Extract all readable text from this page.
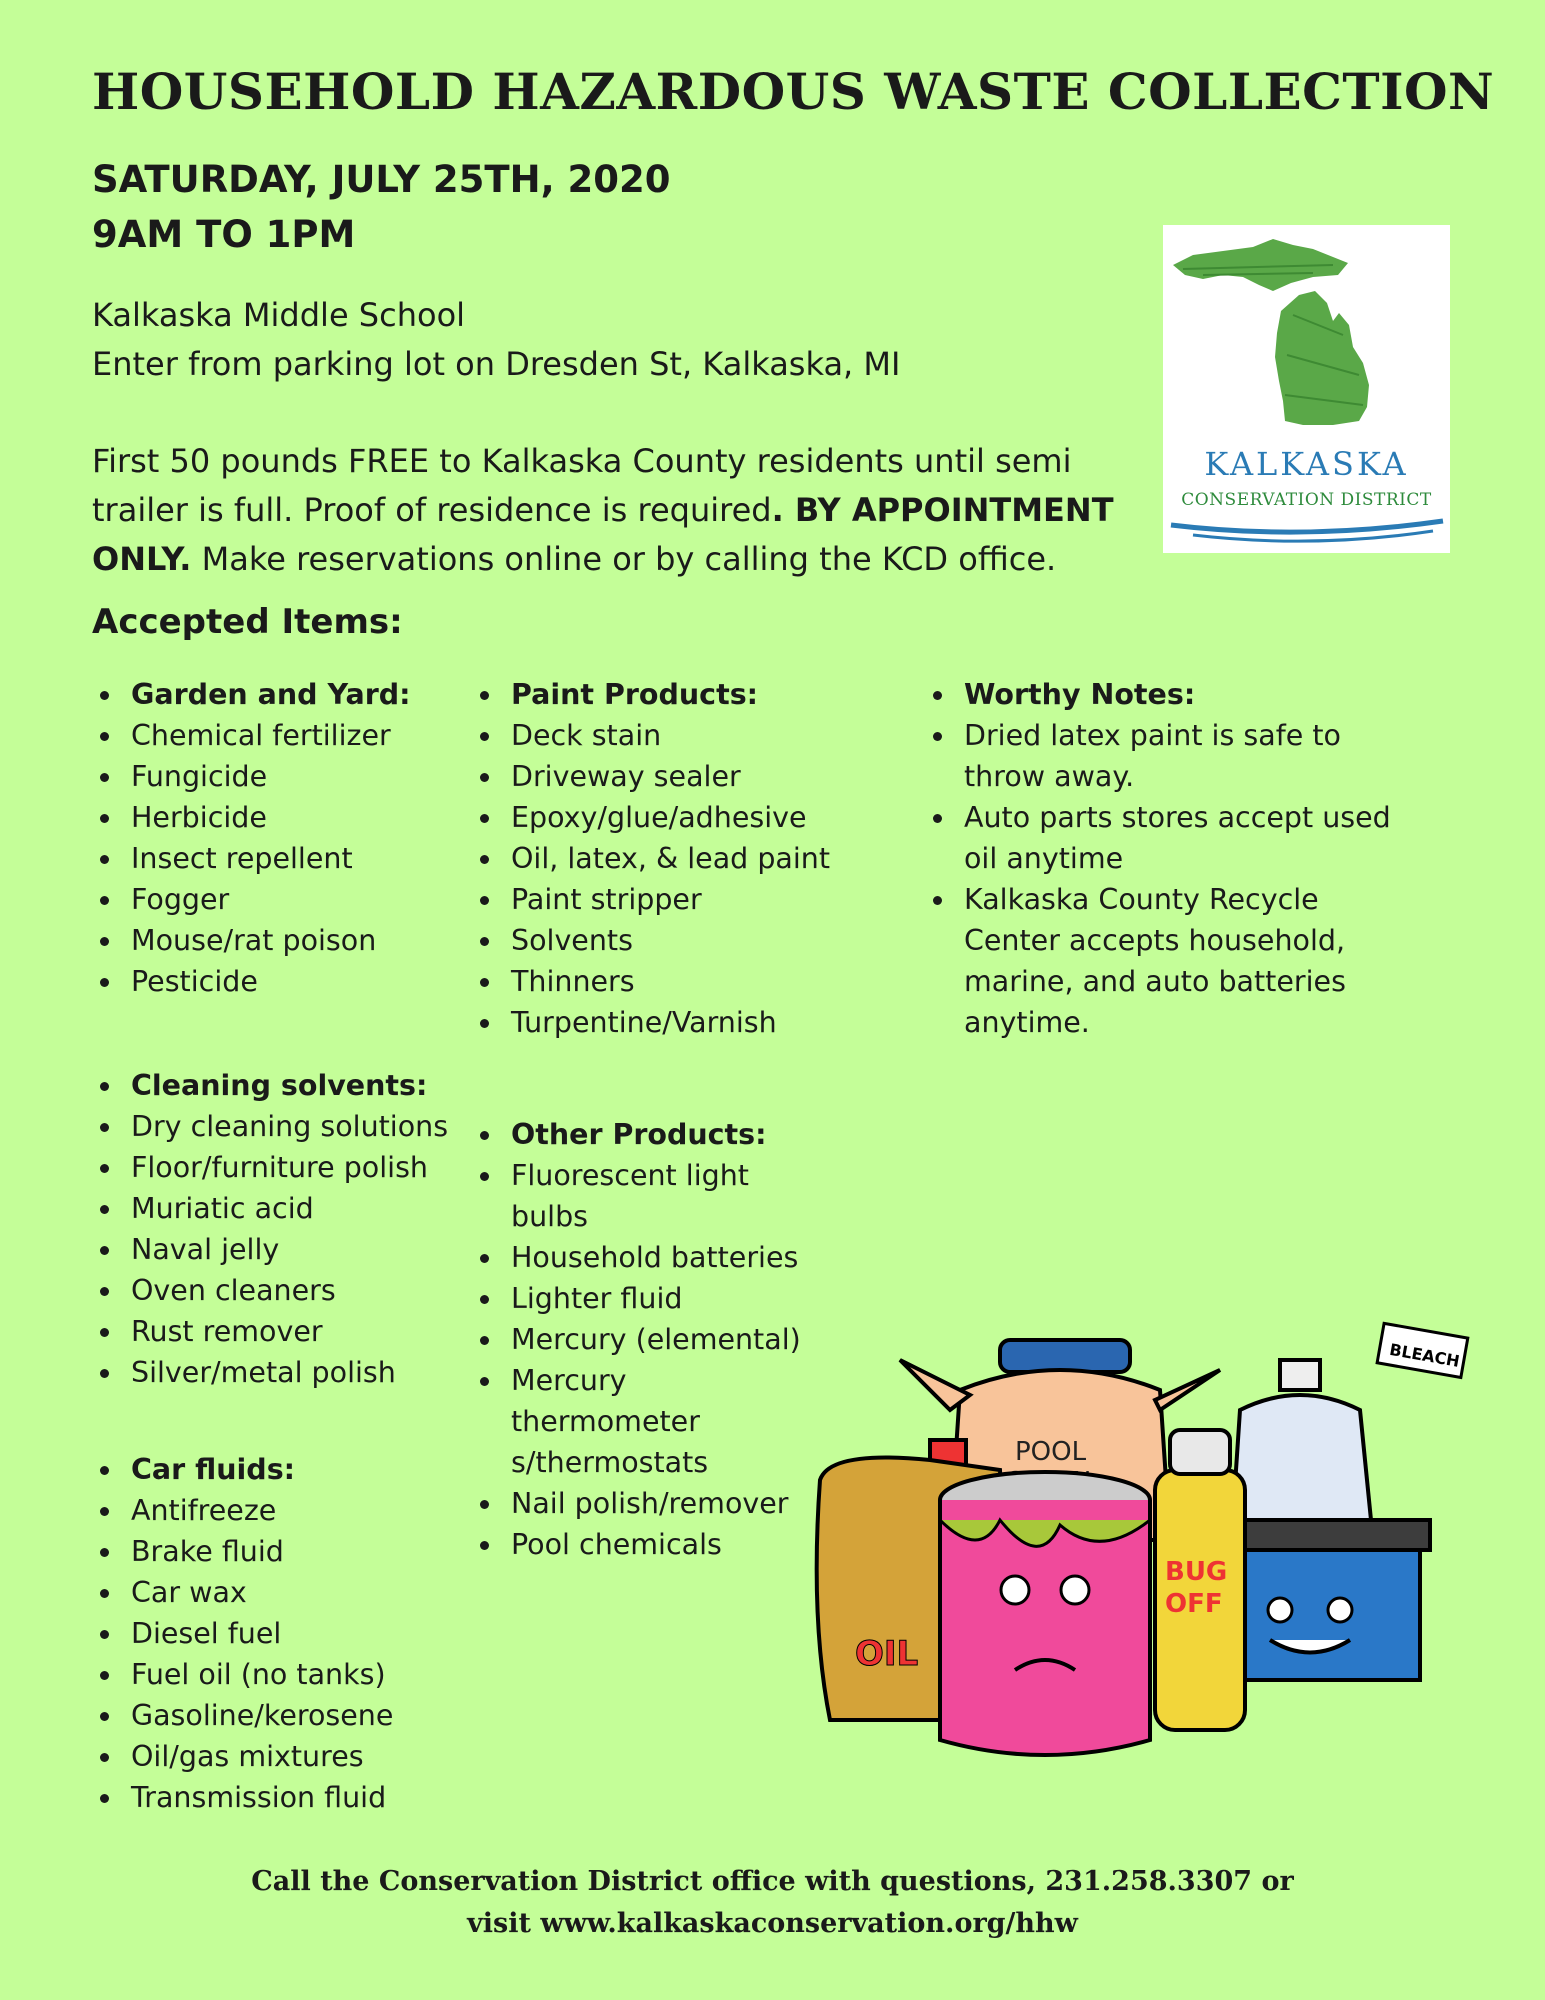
HOUSEHOLD HAZARDOUS WASTE COLLECTION

SATURDAY, JULY 25TH, 2020

9AM TO 1PM

Kalkaska Middle School

Enter from parking lot on Dresden St, Kalkaska, MI

First 50 pounds FREE to Kalkaska County residents until semi trailer is full. Proof of residence is required. BY APPOINTMENT ONLY. Make reservations online or by calling the KCD office.

KALKASKA
CONSERVATION DISTRICT
Accepted Items:
Garden and Yard:
Chemical fertilizer
Fungicide
Herbicide
Insect repellent
Fogger
Mouse/rat poison
Pesticide
Cleaning solvents:
Dry cleaning solutions
Floor/furniture polish
Muriatic acid
Naval jelly
Oven cleaners
Rust remover
Silver/metal polish
Car fluids:
Antifreeze
Brake fluid
Car wax
Diesel fuel
Fuel oil (no tanks)
Gasoline/kerosene
Oil/gas mixtures
Transmission fluid
Paint Products:
Deck stain
Driveway sealer
Epoxy/glue/adhesive
Oil, latex, & lead paint
Paint stripper
Solvents
Thinners
Turpentine/Varnish
Other Products:
Fluorescent light bulbs
Household batteries
Lighter fluid
Mercury (elemental)
Mercury thermometer s/thermostats
Nail polish/remover
Pool chemicals
Worthy Notes:
Dried latex paint is safe to throw away.
Auto parts stores accept used oil anytime
Kalkaska County Recycle Center accepts household, marine, and auto batteries anytime.
POOL
BLEACH
OIL
BUG
OFF

Call the Conservation District office with questions, 231.258.3307 or

visit www.kalkaskaconservation.org/hhw
